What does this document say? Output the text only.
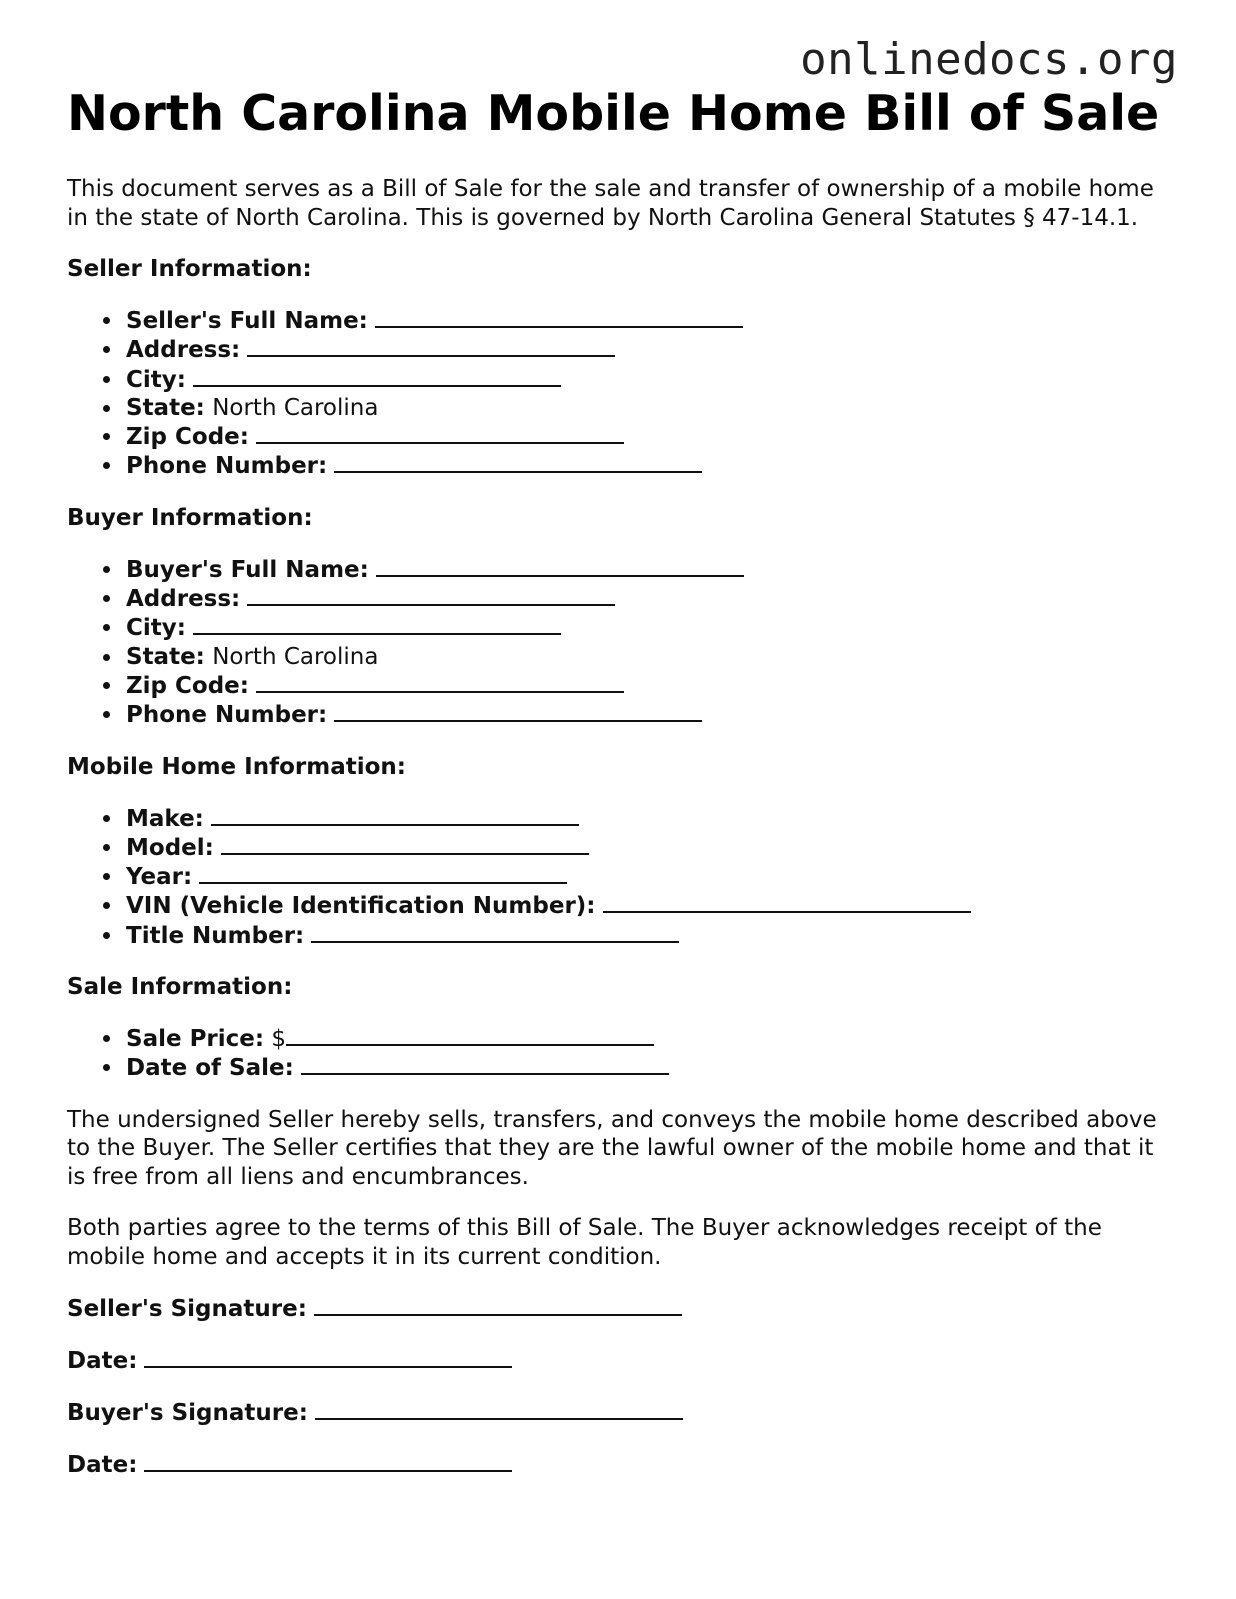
onlinedocs.org
North Carolina Mobile Home Bill of Sale

This document serves as a Bill of Sale for the sale and transfer of ownership of a mobile home in the state of North Carolina. This is governed by North Carolina General Statutes § 47-14.1.

Seller Information:

Seller's Full Name:
Address:
City:
State: North Carolina
Zip Code:
Phone Number:

Buyer Information:

Buyer's Full Name:
Address:
City:
State: North Carolina
Zip Code:
Phone Number:

Mobile Home Information:

Make:
Model:
Year:
VIN (Vehicle Identification Number):
Title Number:

Sale Information:

Sale Price: $
Date of Sale:

The undersigned Seller hereby sells, transfers, and conveys the mobile home described above to the Buyer. The Seller certifies that they are the lawful owner of the mobile home and that it is free from all liens and encumbrances.

Both parties agree to the terms of this Bill of Sale. The Buyer acknowledges receipt of the mobile home and accepts it in its current condition.

Seller's Signature:

Date:

Buyer's Signature:

Date:
